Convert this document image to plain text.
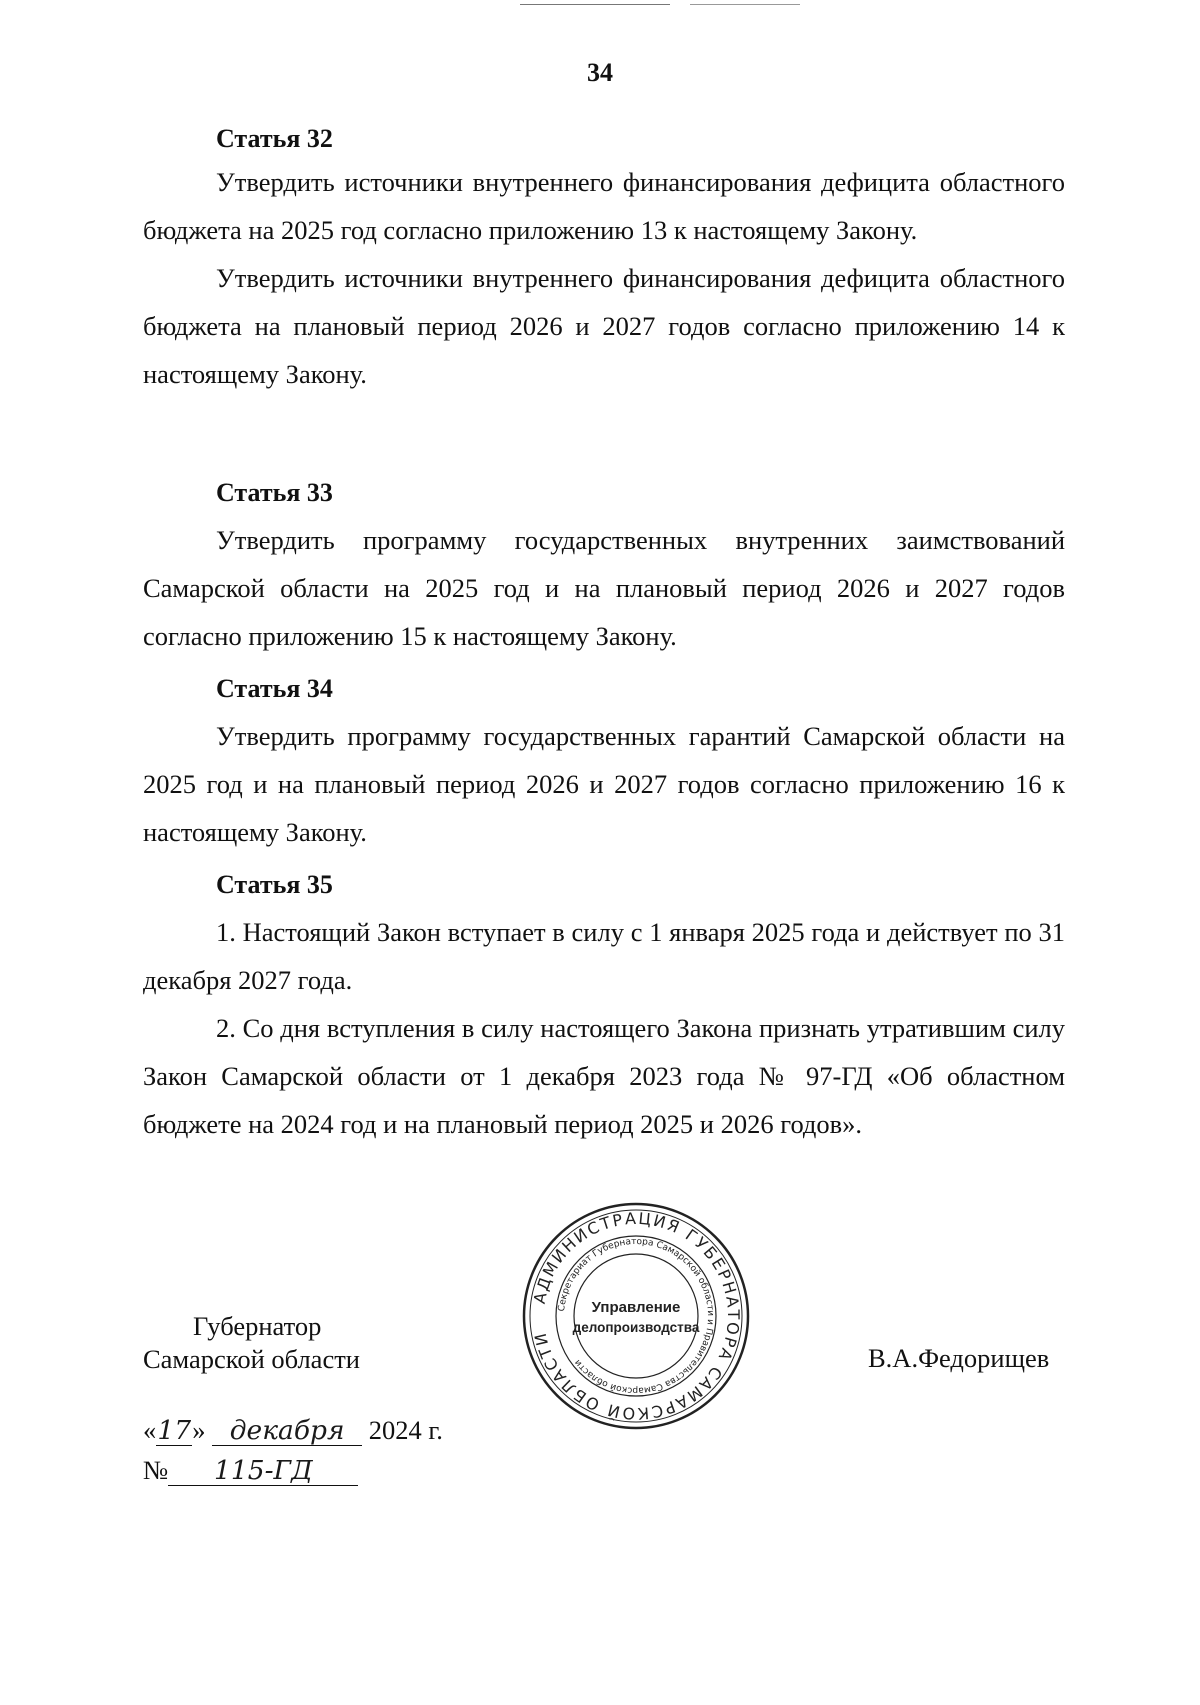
34
Статья 32

Утвердить источники внутреннего финансирования дефицита областного бюджета на 2025 год согласно приложению 13 к настоящему Закону.

Утвердить источники внутреннего финансирования дефицита областного бюджета на плановый период 2026 и 2027 годов согласно приложению 14 к настоящему Закону.

Статья 33

Утвердить программу государственных внутренних заимствований Самарской области на 2025 год и на плановый период 2026 и 2027 годов согласно приложению 15 к настоящему Закону.

Статья 34

Утвердить программу государственных гарантий Самарской области на 2025 год и на плановый период 2026 и 2027 годов согласно приложению 16 к настоящему Закону.

Статья 35

1. Настоящий Закон вступает в силу с 1 января 2025 года и действует по 31 декабря 2027 года.

2. Со дня вступления в силу настоящего Закона признать утратившим силу Закон Самарской области от 1 декабря 2023 года № 97-ГД «Об областном бюджете на 2024 год и на плановый период 2025 и 2026 годов».

Губернатор
Самарской области
АДМИНИСТРАЦИЯ ГУБЕРНАТОРА САМАРСКОЙ ОБЛАСТИ
Секретариат Губернатора Самарской области и Правительства Самарской области
Управление
делопроизводства
В.А.Федорищев
«17» декабря 2024 г.
№ 115-ГД
